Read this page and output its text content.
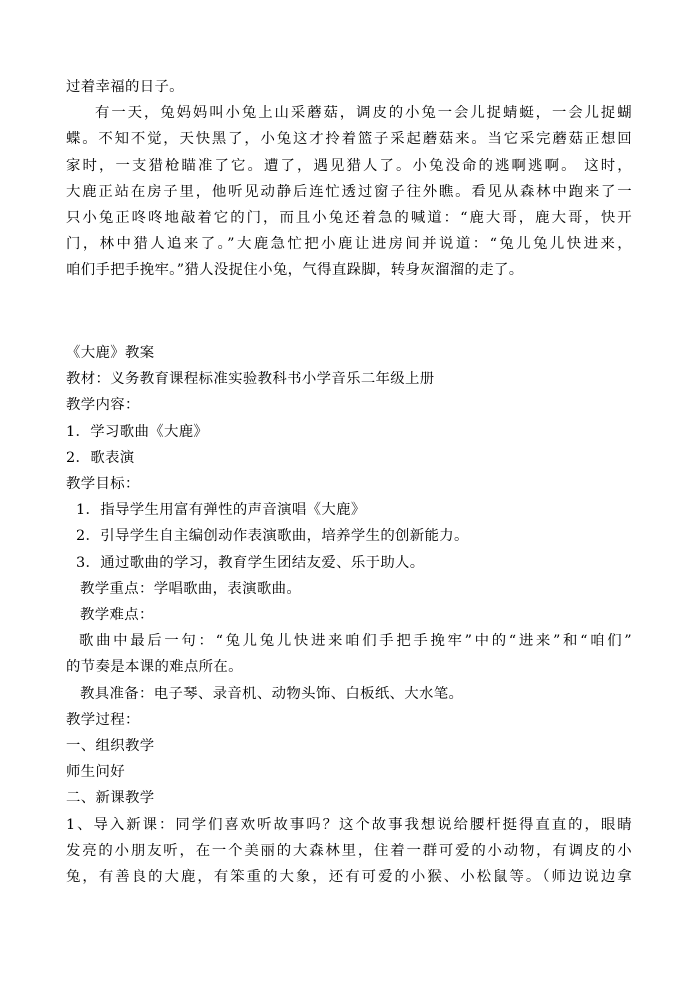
过着幸福的日子。
有一天，兔妈妈叫小兔上山采蘑菇，调皮的小兔一会儿捉蜻蜓，一会儿捉蝴
蝶。不知不觉，天快黑了，小兔这才拎着篮子采起蘑菇来。当它采完蘑菇正想回
家时，一支猎枪瞄准了它。遭了，遇见猎人了。小兔没命的逃啊逃啊。 这时，
大鹿正站在房子里，他听见动静后连忙透过窗子往外瞧。看见从森林中跑来了一
只小兔正咚咚地敲着它的门，而且小兔还着急的喊道：“鹿大哥，鹿大哥，快开
门，林中猎人追来了。”大鹿急忙把小鹿让进房间并说道：“兔儿兔儿快进来，
咱们手把手挽牢。”猎人没捉住小兔，气得直跺脚，转身灰溜溜的走了。
《大鹿》教案
教材：义务教育课程标准实验教科书小学音乐二年级上册
教学内容：
1．学习歌曲《大鹿》
2．歌表演
教学目标：
1．指导学生用富有弹性的声音演唱《大鹿》
2．引导学生自主编创动作表演歌曲，培养学生的创新能力。
3．通过歌曲的学习，教育学生团结友爱、乐于助人。
教学重点：学唱歌曲，表演歌曲。
教学难点：
歌曲中最后一句：“兔儿兔儿快进来咱们手把手挽牢”中的“进来”和“咱们”
的节奏是本课的难点所在。
教具准备：电子琴、录音机、动物头饰、白板纸、大水笔。
教学过程：
一、组织教学
师生问好
二、新课教学
1、导入新课：同学们喜欢听故事吗？这个故事我想说给腰杆挺得直直的，眼睛
发亮的小朋友听，在一个美丽的大森林里，住着一群可爱的小动物，有调皮的小
兔，有善良的大鹿，有笨重的大象，还有可爱的小猴、小松鼠等。（师边说边拿
